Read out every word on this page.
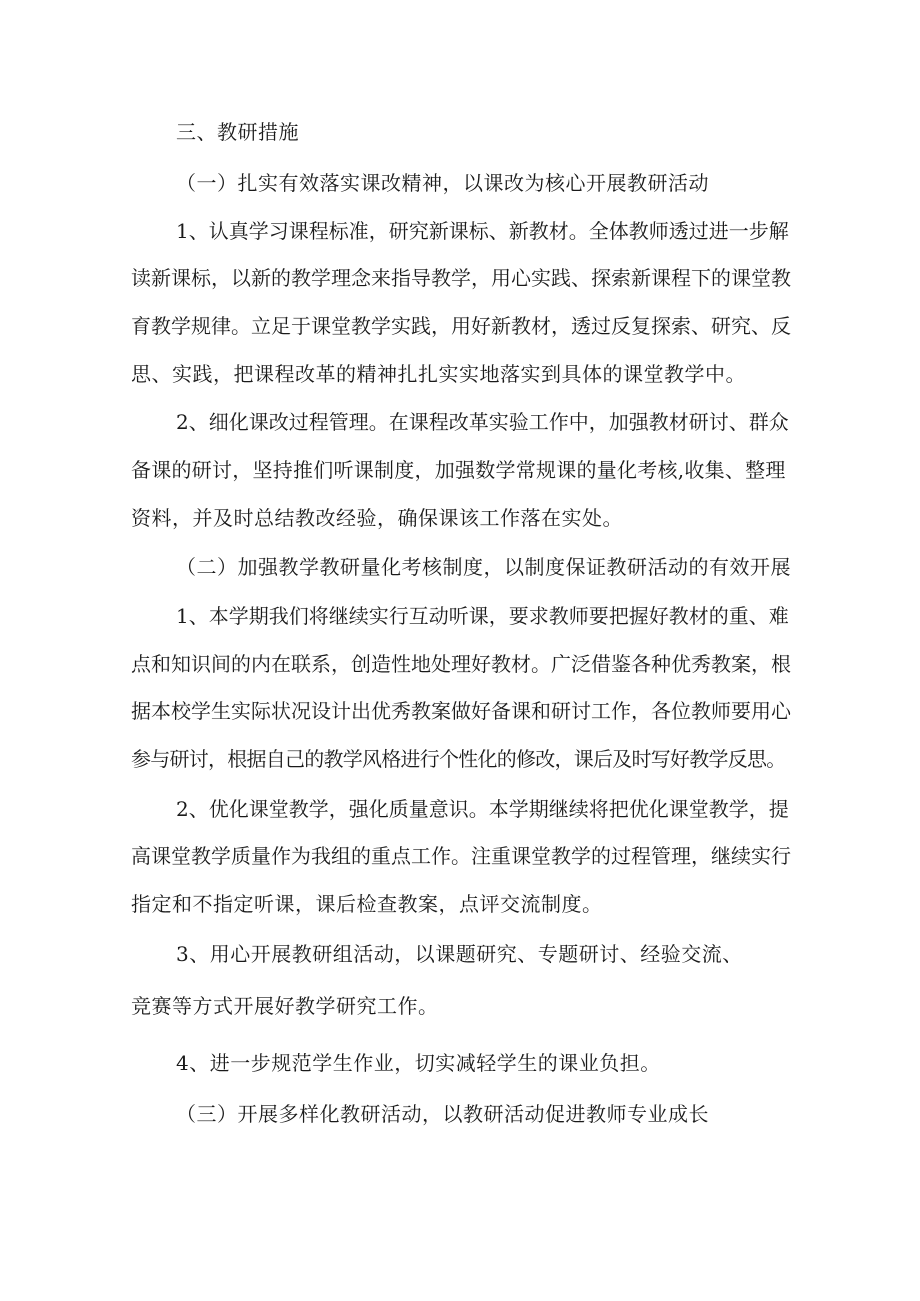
三、教研措施
（一）扎实有效落实课改精神，以课改为核心开展教研活动
1、认真学习课程标准，研究新课标、新教材。全体教师透过进一步解
读新课标，以新的教学理念来指导教学，用心实践、探索新课程下的课堂教
育教学规律。立足于课堂教学实践，用好新教材，透过反复探索、研究、反
思、实践，把课程改革的精神扎扎实实地落实到具体的课堂教学中。
2、细化课改过程管理。在课程改革实验工作中，加强教材研讨、群众
备课的研讨，坚持推们听课制度，加强数学常规课的量化考核,收集、整理
资料，并及时总结教改经验，确保课该工作落在实处。
（二）加强教学教研量化考核制度，以制度保证教研活动的有效开展
1、本学期我们将继续实行互动听课，要求教师要把握好教材的重、难
点和知识间的内在联系，创造性地处理好教材。广泛借鉴各种优秀教案，根
据本校学生实际状况设计出优秀教案做好备课和研讨工作，各位教师要用心
参与研讨，根据自己的教学风格进行个性化的修改，课后及时写好教学反思。
2、优化课堂教学，强化质量意识。本学期继续将把优化课堂教学，提
高课堂教学质量作为我组的重点工作。注重课堂教学的过程管理，继续实行
指定和不指定听课，课后检查教案，点评交流制度。
3、用心开展教研组活动，以课题研究、专题研讨、经验交流、
竞赛等方式开展好教学研究工作。
4、进一步规范学生作业，切实减轻学生的课业负担。
（三）开展多样化教研活动，以教研活动促进教师专业成长
